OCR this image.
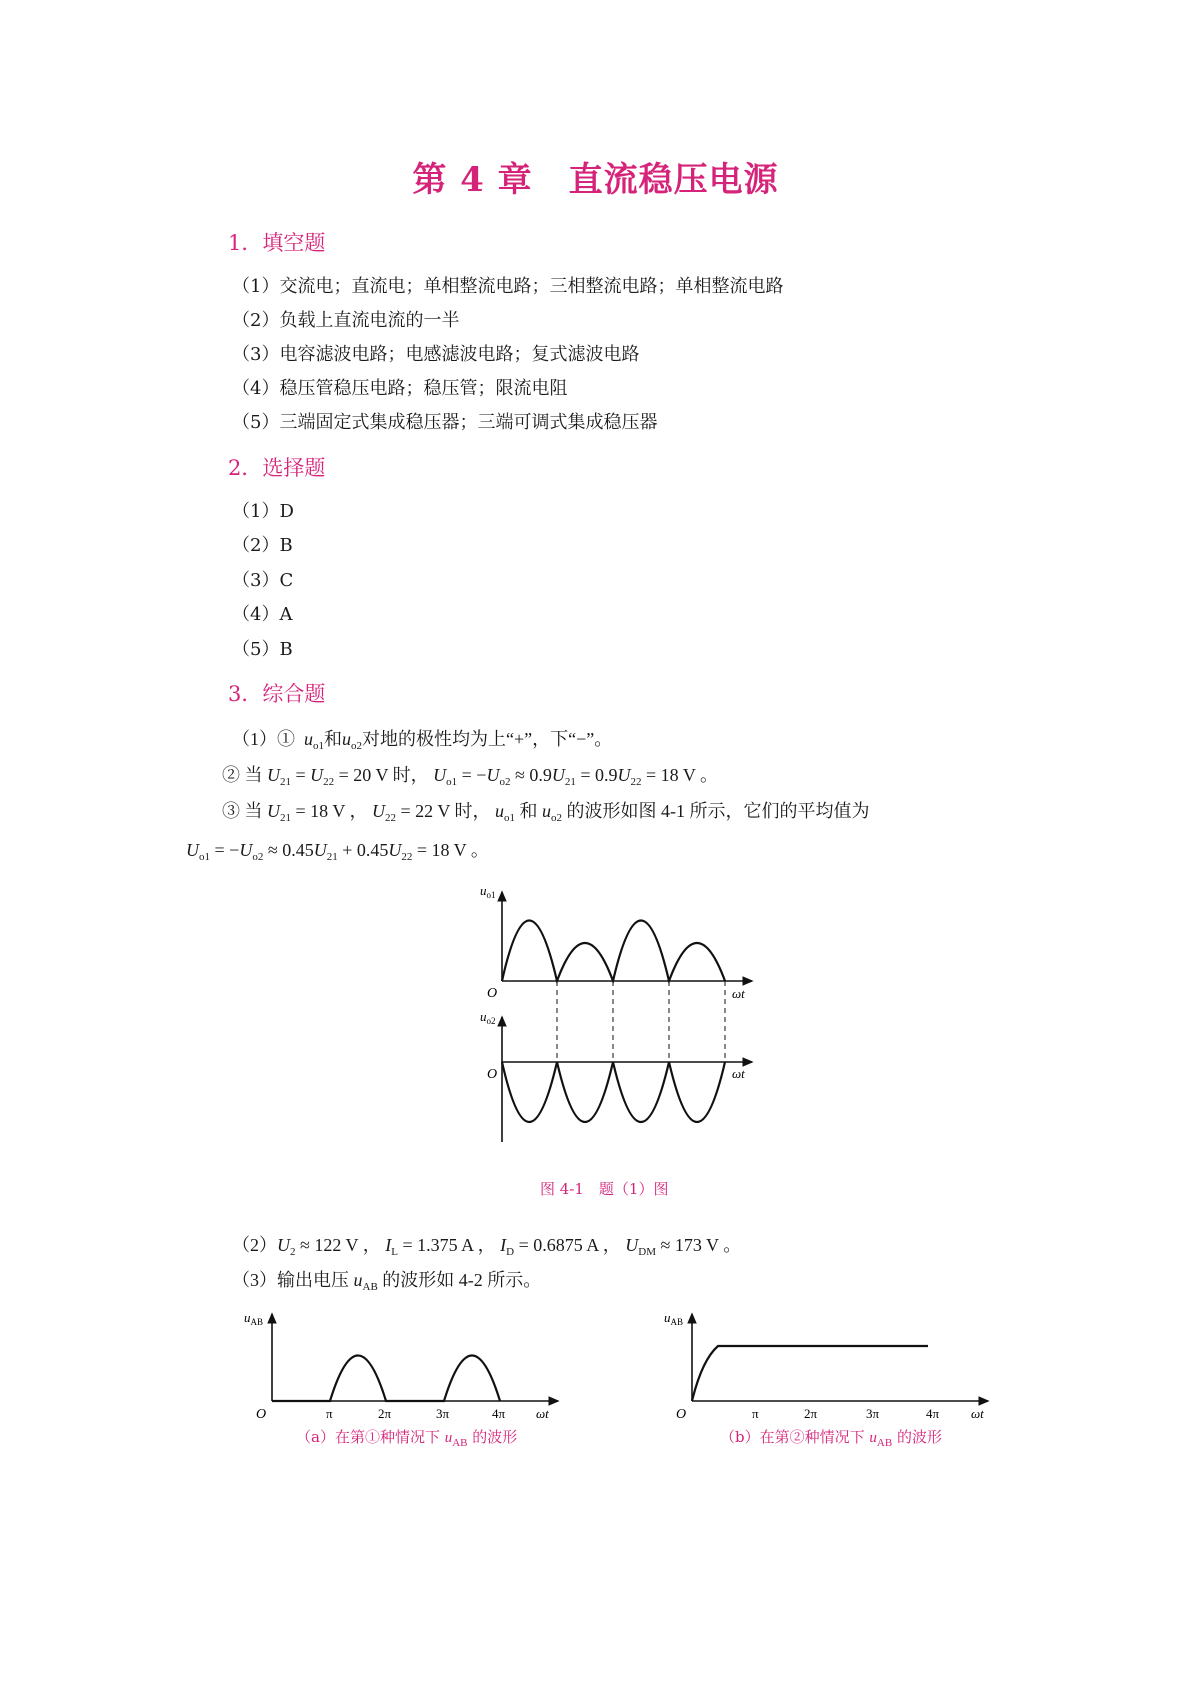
第 4 章 直流稳压电源
1．填空题
（1）交流电；直流电；单相整流电路；三相整流电路；单相整流电路
（2）负载上直流电流的一半
（3）电容滤波电路；电感滤波电路；复式滤波电路
（4）稳压管稳压电路；稳压管；限流电阻
（5）三端固定式集成稳压器；三端可调式集成稳压器
2．选择题
（1）D
（2）B
（3）C
（4）A
（5）B
3．综合题
（1）① $u_{o1}$和$u_{o2}$对地的极性均为上“+”，下“−”。
② 当 $U_{21} = U_{22} = 20$ V 时， $U_{o1} = -U_{o2} \approx 0.9U_{21} = 0.9U_{22} = 18$ V 。
③ 当 $U_{21} = 18$ V ， $U_{22} = 22$ V 时， $u_{o1}$ 和 $u_{o2}$ 的波形如图 4-1 所示，它们的平均值为
$U_{o1} = -U_{o2} \approx 0.45U_{21} + 0.45U_{22} = 18$ V 。
$u_{o1}$
O	ωt
$u_{o2}$
O	ωt
图 4-1　题（1）图
$(2)U_2 \approx 122$ V ， $I_L = 1.375$ A ， $I_D = 0.6875$ A ， $U_{DM} \approx 173$ V 。
（3）输出电压 $u_{AB}$ 的波形如 4-2 所示。
$u_{AB}$
O	π	2π	3π	4π ωt
（a）在第①种情况下 $u_{AB}$ 的波形
$u_{AB}$
O	π	2π	3π	4π ωt
（b）在第②种情况下 $u_{AB}$ 的波形
